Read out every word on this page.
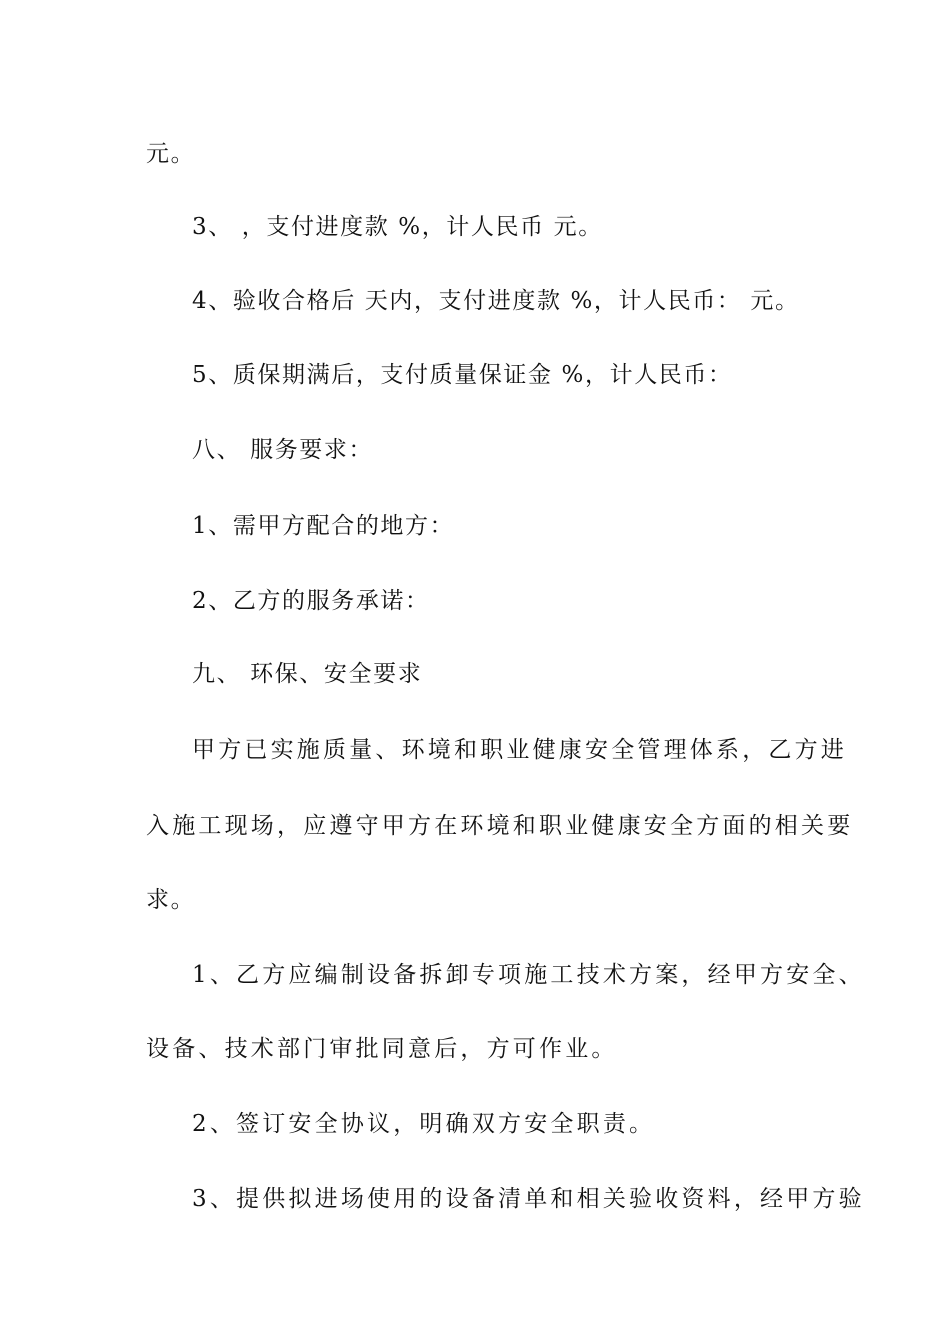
元。
3、 ，支付进度款 %，计人民币 元。
4、验收合格后 天内，支付进度款 %，计人民币： 元。
5、质保期满后，支付质量保证金 %，计人民币：
八、 服务要求：
1、需甲方配合的地方：
2、乙方的服务承诺：
九、 环保、安全要求
甲方已实施质量、环境和职业健康安全管理体系，乙方进
入施工现场，应遵守甲方在环境和职业健康安全方面的相关要
求。
1、乙方应编制设备拆卸专项施工技术方案，经甲方安全、
设备、技术部门审批同意后，方可作业。
2、签订安全协议，明确双方安全职责。
3、提供拟进场使用的设备清单和相关验收资料，经甲方验
